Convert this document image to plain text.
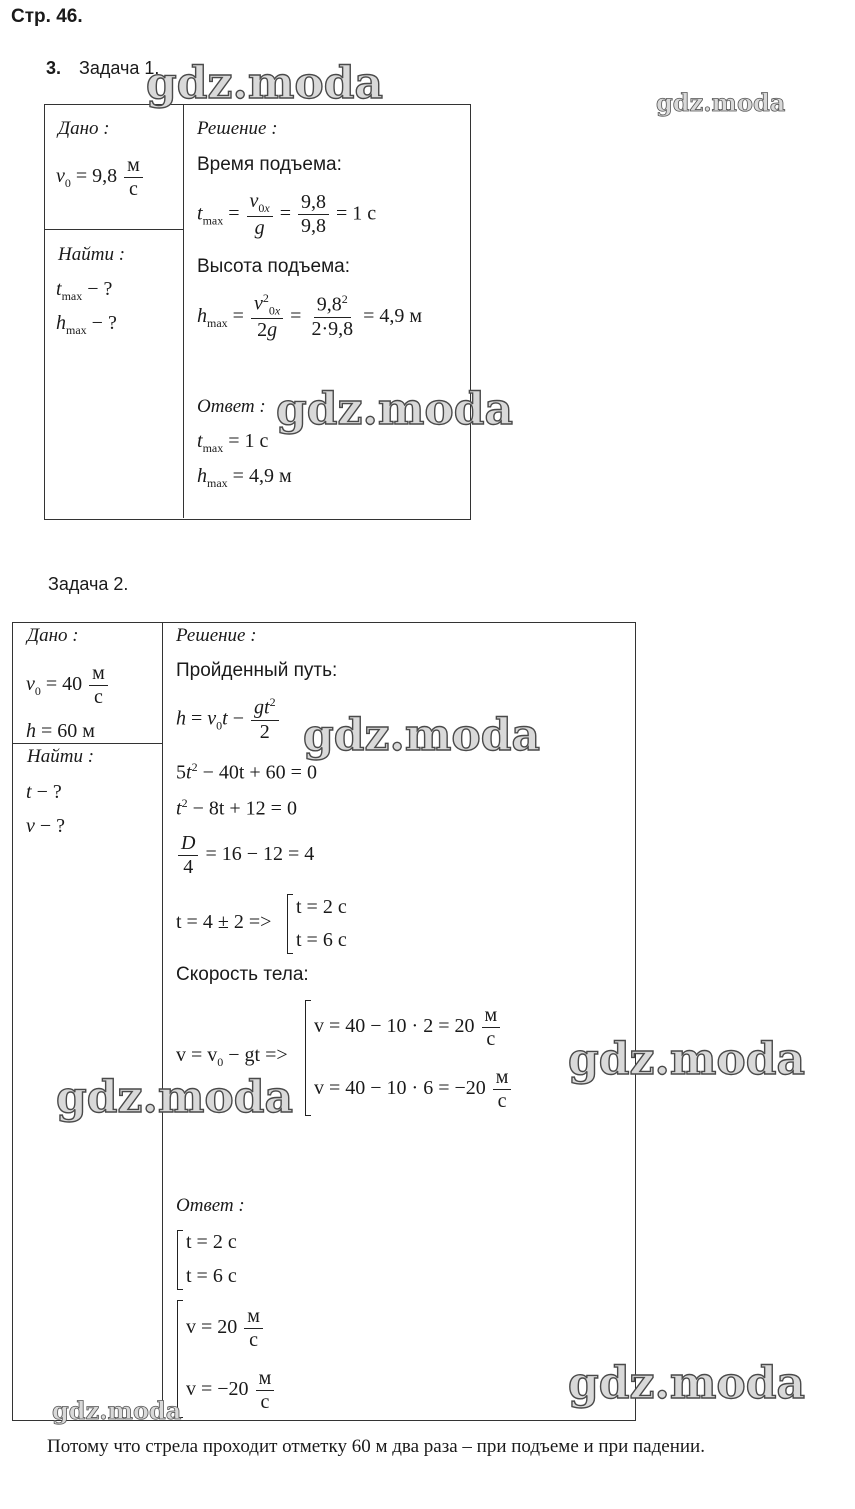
Стр. 46.
3. Задача 1.
Дано :
$v_0 = 9,8 \frac{м}{с}$
Найти :
$t_{max}$ − ?
$h_{max}$ − ?
Решение :
Время подъема:
$t_{max} = \frac{v_{0x}}{g} = \frac{9,8}{9,8} = 1$ с
Высота подъема:
$h_{max} = \frac{v^2_{0x}}{2g} = \frac{9,8^2}{2\cdot 9,8} = 4,9$ м
Ответ :
$t_{max} = 1$ с
$h_{max} = 4,9$ м
Задача 2.
Дано :
$v_0 = 40 \frac{м}{с}$
h = 60 м
Найти :
t − ?
v − ?
Решение :
Пройденный путь:
$h = v_0t - \frac{gt^2}{2}$
$5t^2 - 40t + 60 = 0$
$t^2 - 8t + 12 = 0$
$\frac{D}{4} = 16 - 12 = 4$
t = 4 ± 2 =>
t = 2 с
t = 6 с
Скорость тела:
$v = v_0$ − gt =>
$v = 40 - 10 \cdot 2 = 20 \frac{м}{с}$
$v = 40 - 10 \cdot 6 = -20 \frac{м}{с}$
Ответ :
t = 2 с
t = 6 с
$v = 20 \frac{м}{с}$
$v = -20 \frac{м}{с}$
Потому что стрела проходит отметку 60 м два раза – при подъеме и при падении.
gdz.moda	gdz.moda
gdz.moda
gdz.moda
gdz.moda
gdz.moda
gdz.moda
gdz.moda
